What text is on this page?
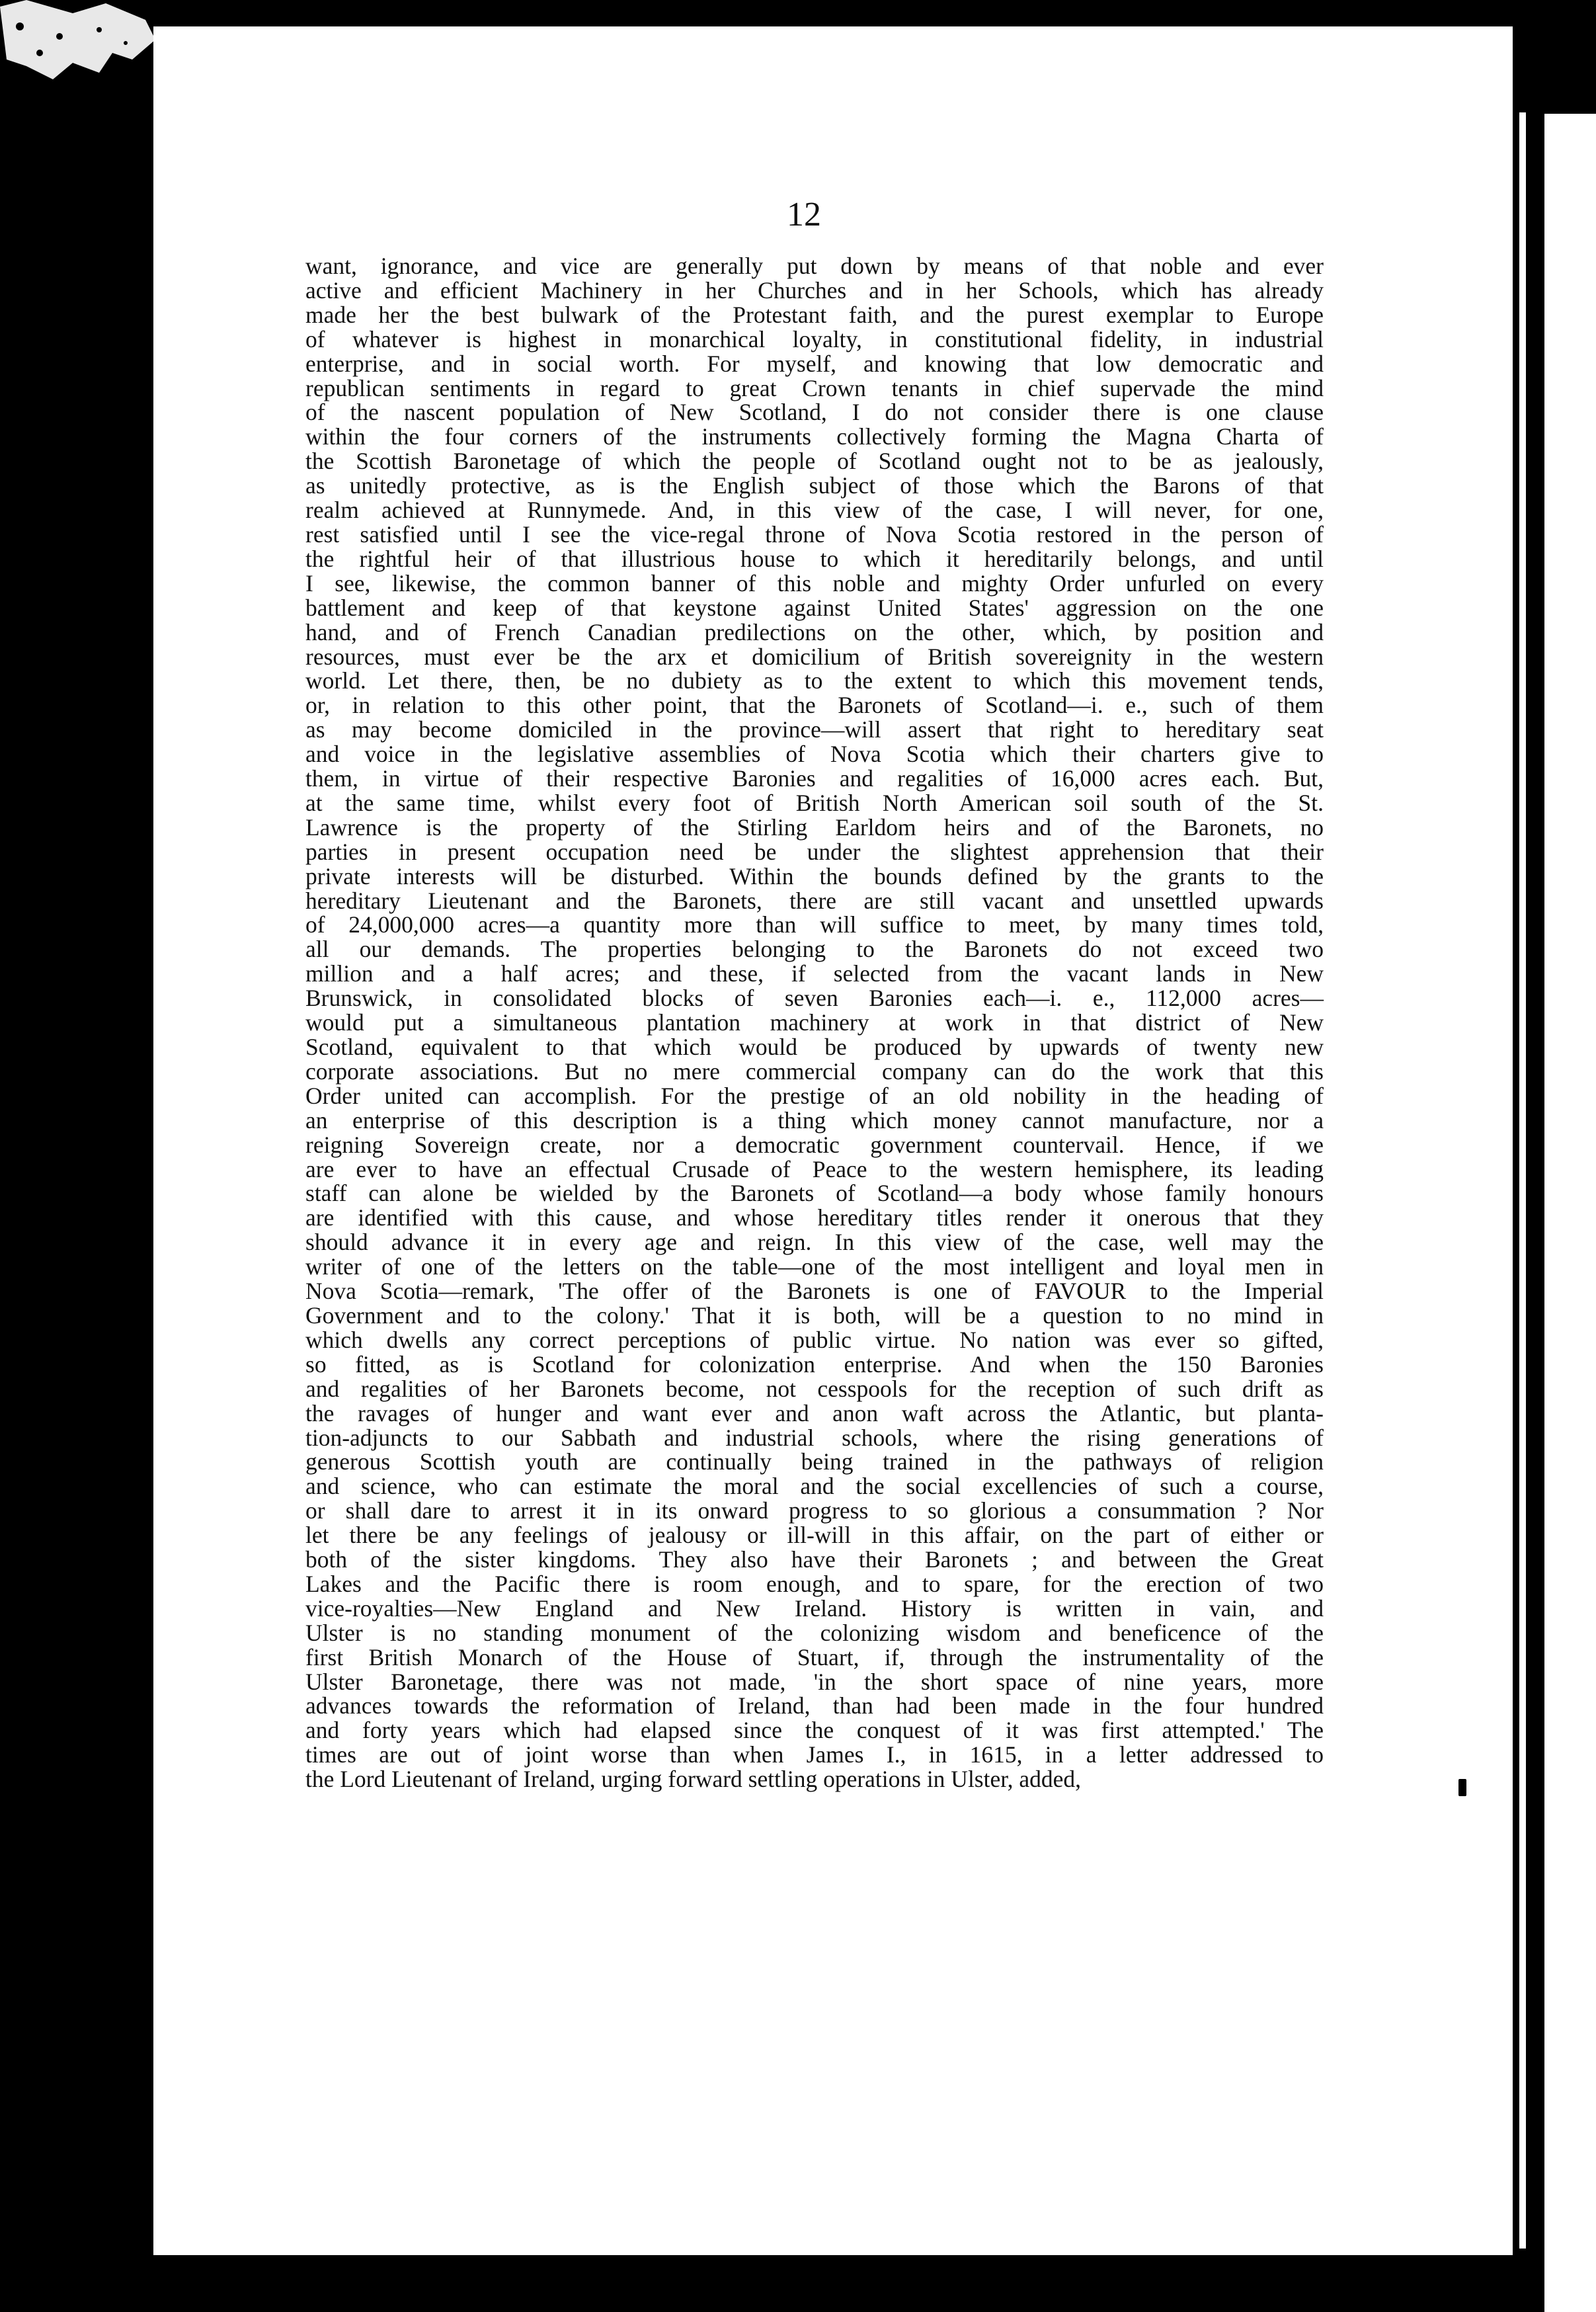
12

want, ignorance, and vice are generally put down by means of that noble and ever
active and efficient Machinery in her Churches and in her Schools, which has already
made her the best bulwark of the Protestant faith, and the purest exemplar to Europe
of whatever is highest in monarchical loyalty, in constitutional fidelity, in industrial
enterprise, and in social worth. For myself, and knowing that low democratic and
republican sentiments in regard to great Crown tenants in chief supervade the mind
of the nascent population of New Scotland, I do not consider there is one clause
within the four corners of the instruments collectively forming the Magna Charta of
the Scottish Baronetage of which the people of Scotland ought not to be as jealously,
as unitedly protective, as is the English subject of those which the Barons of that
realm achieved at Runnymede. And, in this view of the case, I will never, for one,
rest satisfied until I see the vice-regal throne of Nova Scotia restored in the person of
the rightful heir of that illustrious house to which it hereditarily belongs, and until
I see, likewise, the common banner of this noble and mighty Order unfurled on every
battlement and keep of that keystone against United States' aggression on the one
hand, and of French Canadian predilections on the other, which, by position and
resources, must ever be the arx et domicilium of British sovereignity in the western
world. Let there, then, be no dubiety as to the extent to which this movement tends,
or, in relation to this other point, that the Baronets of Scotland—i. e., such of them
as may become domiciled in the province—will assert that right to hereditary seat
and voice in the legislative assemblies of Nova Scotia which their charters give to
them, in virtue of their respective Baronies and regalities of 16,000 acres each. But,
at the same time, whilst every foot of British North American soil south of the St.
Lawrence is the property of the Stirling Earldom heirs and of the Baronets, no
parties in present occupation need be under the slightest apprehension that their
private interests will be disturbed. Within the bounds defined by the grants to the
hereditary Lieutenant and the Baronets, there are still vacant and unsettled upwards
of 24,000,000 acres—a quantity more than will suffice to meet, by many times told,
all our demands. The properties belonging to the Baronets do not exceed two
million and a half acres; and these, if selected from the vacant lands in New
Brunswick, in consolidated blocks of seven Baronies each—i. e., 112,000 acres—
would put a simultaneous plantation machinery at work in that district of New
Scotland, equivalent to that which would be produced by upwards of twenty new
corporate associations. But no mere commercial company can do the work that this
Order united can accomplish. For the prestige of an old nobility in the heading of
an enterprise of this description is a thing which money cannot manufacture, nor a
reigning Sovereign create, nor a democratic government countervail. Hence, if we
are ever to have an effectual Crusade of Peace to the western hemisphere, its leading
staff can alone be wielded by the Baronets of Scotland—a body whose family honours
are identified with this cause, and whose hereditary titles render it onerous that they
should advance it in every age and reign. In this view of the case, well may the
writer of one of the letters on the table—one of the most intelligent and loyal men in
Nova Scotia—remark, 'The offer of the Baronets is one of FAVOUR to the Imperial
Government and to the colony.' That it is both, will be a question to no mind in
which dwells any correct perceptions of public virtue. No nation was ever so gifted,
so fitted, as is Scotland for colonization enterprise. And when the 150 Baronies
and regalities of her Baronets become, not cesspools for the reception of such drift as
the ravages of hunger and want ever and anon waft across the Atlantic, but planta-
tion-adjuncts to our Sabbath and industrial schools, where the rising generations of
generous Scottish youth are continually being trained in the pathways of religion
and science, who can estimate the moral and the social excellencies of such a course,
or shall dare to arrest it in its onward progress to so glorious a consummation ? Nor
let there be any feelings of jealousy or ill-will in this affair, on the part of either or
both of the sister kingdoms. They also have their Baronets ; and between the Great
Lakes and the Pacific there is room enough, and to spare, for the erection of two
vice-royalties—New England and New Ireland. History is written in vain, and
Ulster is no standing monument of the colonizing wisdom and beneficence of the
first British Monarch of the House of Stuart, if, through the instrumentality of the
Ulster Baronetage, there was not made, 'in the short space of nine years, more
advances towards the reformation of Ireland, than had been made in the four hundred
and forty years which had elapsed since the conquest of it was first attempted.' The
times are out of joint worse than when James I., in 1615, in a letter addressed to
the Lord Lieutenant of Ireland, urging forward settling operations in Ulster, added,
